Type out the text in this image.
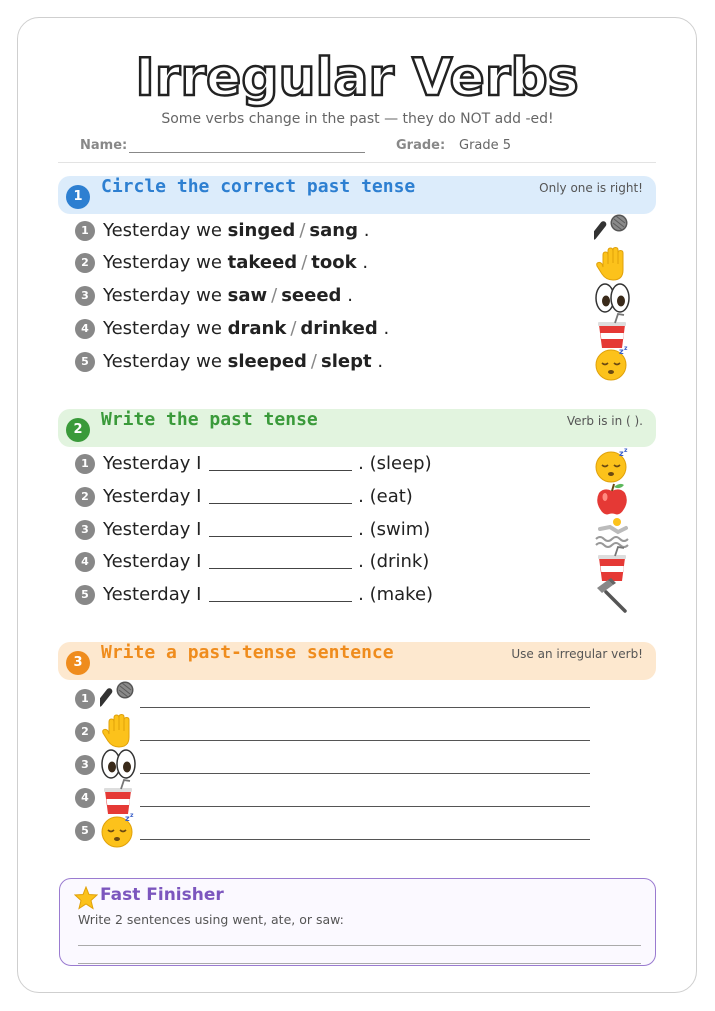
Irregular Verbs
Some verbs change in the past — they do NOT add -ed!
Name:	Grade: Grade 5
1	Circle the correct past tense	Only one is right!
1 Yesterday we singed / sang .
2 Yesterday we takeed / took .
3 Yesterday we saw / seeed .
4 Yesterday we drank / drinked .
5 Yesterday we sleeped / slept .
2	Write the past tense	Verb is in ( ).
1 Yesterday I	. (sleep)
2 Yesterday I	. (eat)
3 Yesterday I	. (swim)
4 Yesterday I	. (drink)
5 Yesterday I	. (make)
3	Write a past-tense sentence	Use an irregular verb!
1
2
3
4
5
Fast Finisher
Write 2 sentences using went, ate, or saw:
